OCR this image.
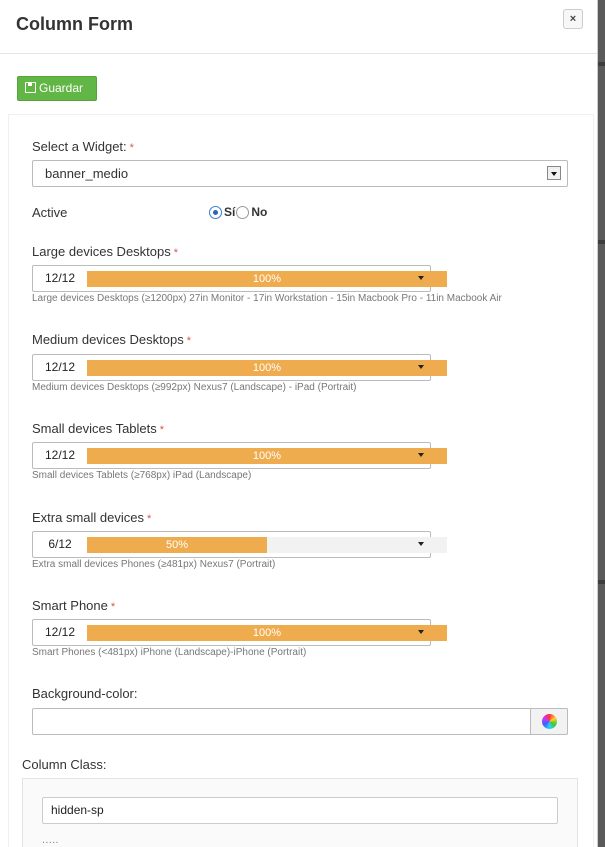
Column Form	×
Guardar
Select a Widget: *
banner_medio
Active	Sí No
Large devices Desktops *
12/12	100%
Large devices Desktops (≥1200px) 27in Monitor - 17in Workstation - 15in Macbook Pro - 11in Macbook Air
Medium devices Desktops *
12/12	100%
Medium devices Desktops (≥992px) Nexus7 (Landscape) - iPad (Portrait)
Small devices Tablets *
12/12	100%
Small devices Tablets (≥768px) iPad (Landscape)
Extra small devices *
6/12	50%
Extra small devices Phones (≥481px) Nexus7 (Portrait)
Smart Phone *
12/12	100%
Smart Phones (<481px) iPhone (Landscape)-iPhone (Portrait)
Background-color:
Column Class:
hidden-sp
.....
